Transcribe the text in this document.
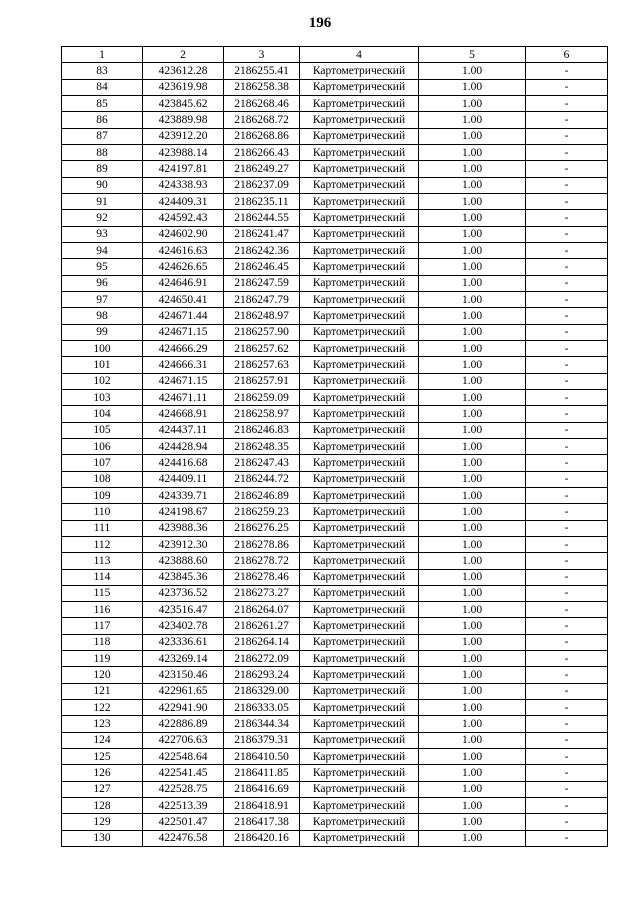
196
1	2	3	4	5	6
83	423612.28	2186255.41	Картометрический	1.00	-
84	423619.98	2186258.38	Картометрический	1.00	-
85	423845.62	2186268.46	Картометрический	1.00	-
86	423889.98	2186268.72	Картометрический	1.00	-
87	423912.20	2186268.86	Картометрический	1.00	-
88	423988.14	2186266.43	Картометрический	1.00	-
89	424197.81	2186249.27	Картометрический	1.00	-
90	424338.93	2186237.09	Картометрический	1.00	-
91	424409.31	2186235.11	Картометрический	1.00	-
92	424592.43	2186244.55	Картометрический	1.00	-
93	424602.90	2186241.47	Картометрический	1.00	-
94	424616.63	2186242.36	Картометрический	1.00	-
95	424626.65	2186246.45	Картометрический	1.00	-
96	424646.91	2186247.59	Картометрический	1.00	-
97	424650.41	2186247.79	Картометрический	1.00	-
98	424671.44	2186248.97	Картометрический	1.00	-
99	424671.15	2186257.90	Картометрический	1.00	-
100	424666.29	2186257.62	Картометрический	1.00	-
101	424666.31	2186257.63	Картометрический	1.00	-
102	424671.15	2186257.91	Картометрический	1.00	-
103	424671.11	2186259.09	Картометрический	1.00	-
104	424668.91	2186258.97	Картометрический	1.00	-
105	424437.11	2186246.83	Картометрический	1.00	-
106	424428.94	2186248.35	Картометрический	1.00	-
107	424416.68	2186247.43	Картометрический	1.00	-
108	424409.11	2186244.72	Картометрический	1.00	-
109	424339.71	2186246.89	Картометрический	1.00	-
110	424198.67	2186259.23	Картометрический	1.00	-
111	423988.36	2186276.25	Картометрический	1.00	-
112	423912.30	2186278.86	Картометрический	1.00	-
113	423888.60	2186278.72	Картометрический	1.00	-
114	423845.36	2186278.46	Картометрический	1.00	-
115	423736.52	2186273.27	Картометрический	1.00	-
116	423516.47	2186264.07	Картометрический	1.00	-
117	423402.78	2186261.27	Картометрический	1.00	-
118	423336.61	2186264.14	Картометрический	1.00	-
119	423269.14	2186272.09	Картометрический	1.00	-
120	423150.46	2186293.24	Картометрический	1.00	-
121	422961.65	2186329.00	Картометрический	1.00	-
122	422941.90	2186333.05	Картометрический	1.00	-
123	422886.89	2186344.34	Картометрический	1.00	-
124	422706.63	2186379.31	Картометрический	1.00	-
125	422548.64	2186410.50	Картометрический	1.00	-
126	422541.45	2186411.85	Картометрический	1.00	-
127	422528.75	2186416.69	Картометрический	1.00	-
128	422513.39	2186418.91	Картометрический	1.00	-
129	422501.47	2186417.38	Картометрический	1.00	-
130	422476.58	2186420.16	Картометрический	1.00	-
